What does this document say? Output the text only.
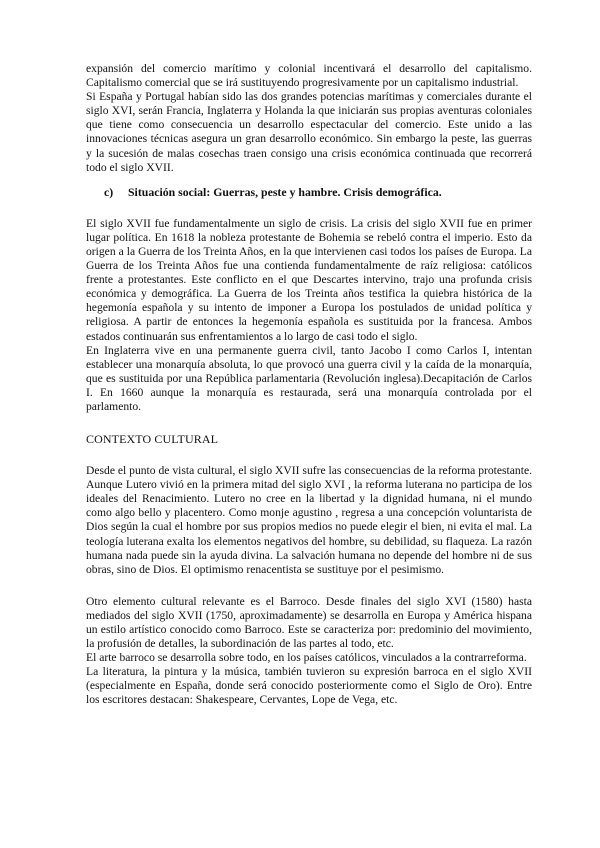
expansión del comercio marítimo y colonial incentivará el desarrollo del capitalismo. Capitalismo comercial que se irá sustituyendo progresivamente por un capitalismo industrial.

Si España y Portugal habían sido las dos grandes potencias marítimas y comerciales durante el siglo XVI, serán Francia, Inglaterra y Holanda la que iniciarán sus propias aventuras coloniales que tiene como consecuencia un desarrollo espectacular del comercio. Este unido a las innovaciones técnicas asegura un gran desarrollo económico. Sin embargo la peste, las guerras y la sucesión de malas cosechas traen consigo una crisis económica continuada que recorrerá todo el siglo XVII.

c) Situación social: Guerras, peste y hambre. Crisis demográfica.

El siglo XVII fue fundamentalmente un siglo de crisis. La crisis del siglo XVII fue en primer lugar política. En 1618 la nobleza protestante de Bohemia se rebeló contra el imperio. Esto da origen a la Guerra de los Treinta Años, en la que intervienen casi todos los países de Europa. La Guerra de los Treinta Años fue una contienda fundamentalmente de raíz religiosa: católicos frente a protestantes. Este conflicto en el que Descartes intervino, trajo una profunda crisis económica y demográfica. La Guerra de los Treinta años testifica la quiebra histórica de la hegemonía española y su intento de imponer a Europa los postulados de unidad política y religiosa. A partir de entonces la hegemonía española es sustituida por la francesa. Ambos estados continuarán sus enfrentamientos a lo largo de casi todo el siglo.

En Inglaterra vive en una permanente guerra civil, tanto Jacobo I como Carlos I, intentan establecer una monarquía absoluta, lo que provocó una guerra civil y la caída de la monarquía, que es sustituida por una República parlamentaria (Revolución inglesa).Decapitación de Carlos I. En 1660 aunque la monarquía es restaurada, será una monarquía controlada por el parlamento.

CONTEXTO CULTURAL

Desde el punto de vista cultural, el siglo XVII sufre las consecuencias de la reforma protestante. Aunque Lutero vivió en la primera mitad del siglo XVI , la reforma luterana no participa de los ideales del Renacimiento. Lutero no cree en la libertad y la dignidad humana, ni el mundo como algo bello y placentero. Como monje agustino , regresa a una concepción voluntarista de Dios según la cual el hombre por sus propios medios no puede elegir el bien, ni evita el mal. La teología luterana exalta los elementos negativos del hombre, su debilidad, su flaqueza. La razón humana nada puede sin la ayuda divina. La salvación humana no depende del hombre ni de sus obras, sino de Dios. El optimismo renacentista se sustituye por el pesimismo.

Otro elemento cultural relevante es el Barroco. Desde finales del siglo XVI (1580) hasta mediados del siglo XVII (1750, aproximadamente) se desarrolla en Europa y América hispana un estilo artístico conocido como Barroco. Este se caracteriza por: predominio del movimiento, la profusión de detalles, la subordinación de las partes al todo, etc.

El arte barroco se desarrolla sobre todo, en los países católicos, vinculados a la contrarreforma.

La literatura, la pintura y la música, también tuvieron su expresión barroca en el siglo XVII (especialmente en España, donde será conocido posteriormente como el Siglo de Oro). Entre los escritores destacan: Shakespeare, Cervantes, Lope de Vega, etc.
